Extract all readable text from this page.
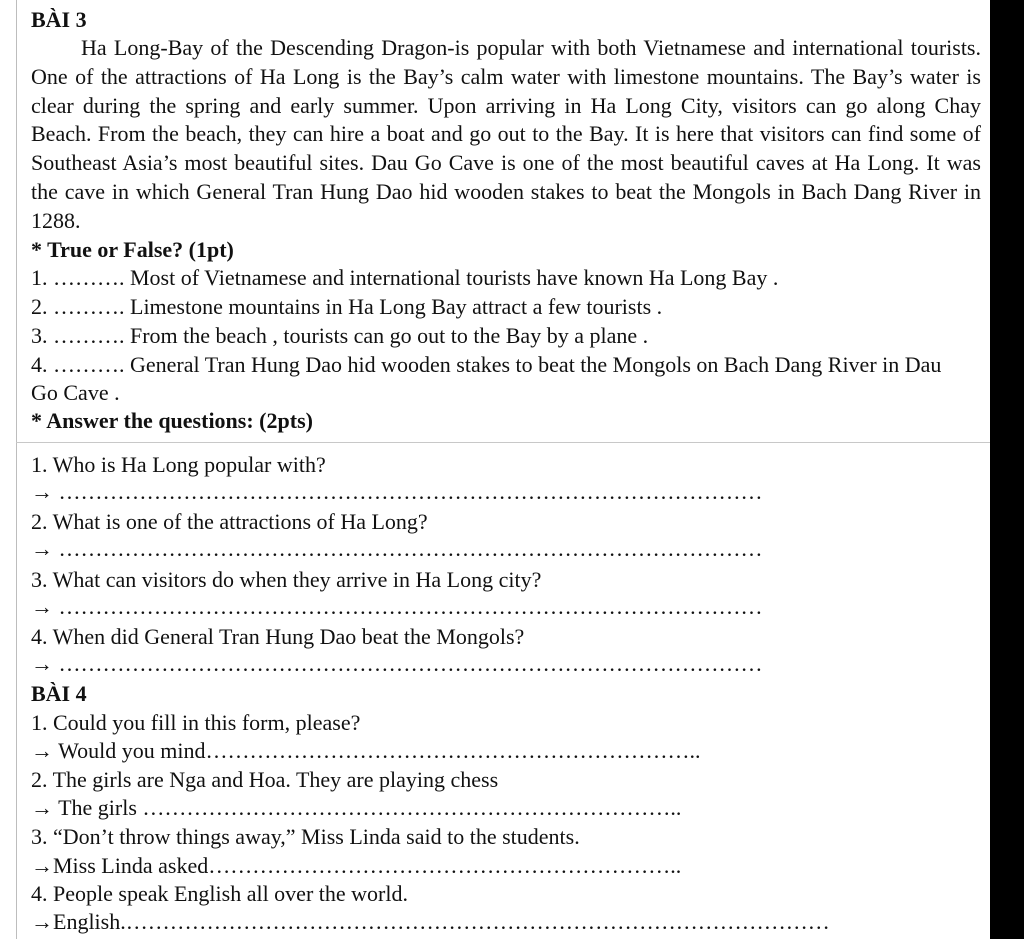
BÀI 3
Ha Long-Bay of the Descending Dragon-is popular with both Vietnamese and international tourists. One of the attractions of Ha Long is the Bay’s calm water with limestone mountains. The Bay’s water is clear during the spring and early summer. Upon arriving in Ha Long City, visitors can go along Chay Beach. From the beach, they can hire a boat and go out to the Bay. It is here that visitors can find some of Southeast Asia’s most beautiful sites. Dau Go Cave is one of the most beautiful caves at Ha Long. It was the cave in which General Tran Hung Dao hid wooden stakes to beat the Mongols in Bach Dang River in 1288.
* True or False? (1pt)
1. ………. Most of Vietnamese and international tourists have known Ha Long Bay .
2. ………. Limestone mountains in Ha Long Bay attract a few tourists .
3. ………. From the beach , tourists can go out to the Bay by a plane .
4. ………. General Tran Hung Dao hid wooden stakes to beat the Mongols on Bach Dang River in Dau Go Cave .
* Answer the questions: (2pts)
1. Who is Ha Long popular with?
→ ……………………………………………………………………………………
2. What is one of the attractions of Ha Long?
→ ……………………………………………………………………………………
3. What can visitors do when they arrive in Ha Long city?
→ ……………………………………………………………………………………
4. When did General Tran Hung Dao beat the Mongols?
→ ……………………………………………………………………………………
BÀI 4
1. Could you fill in this form, please?
→ Would you mind…………………………………………………………..
2. The girls are Nga and Hoa. They are playing chess
→ The girls ………………………………………………………………..
3. “Don’t throw things away,” Miss Linda said to the students.
→Miss Linda asked………………………………………………………..
4. People speak English all over the world.
→English.……………………………………………………………………………………
